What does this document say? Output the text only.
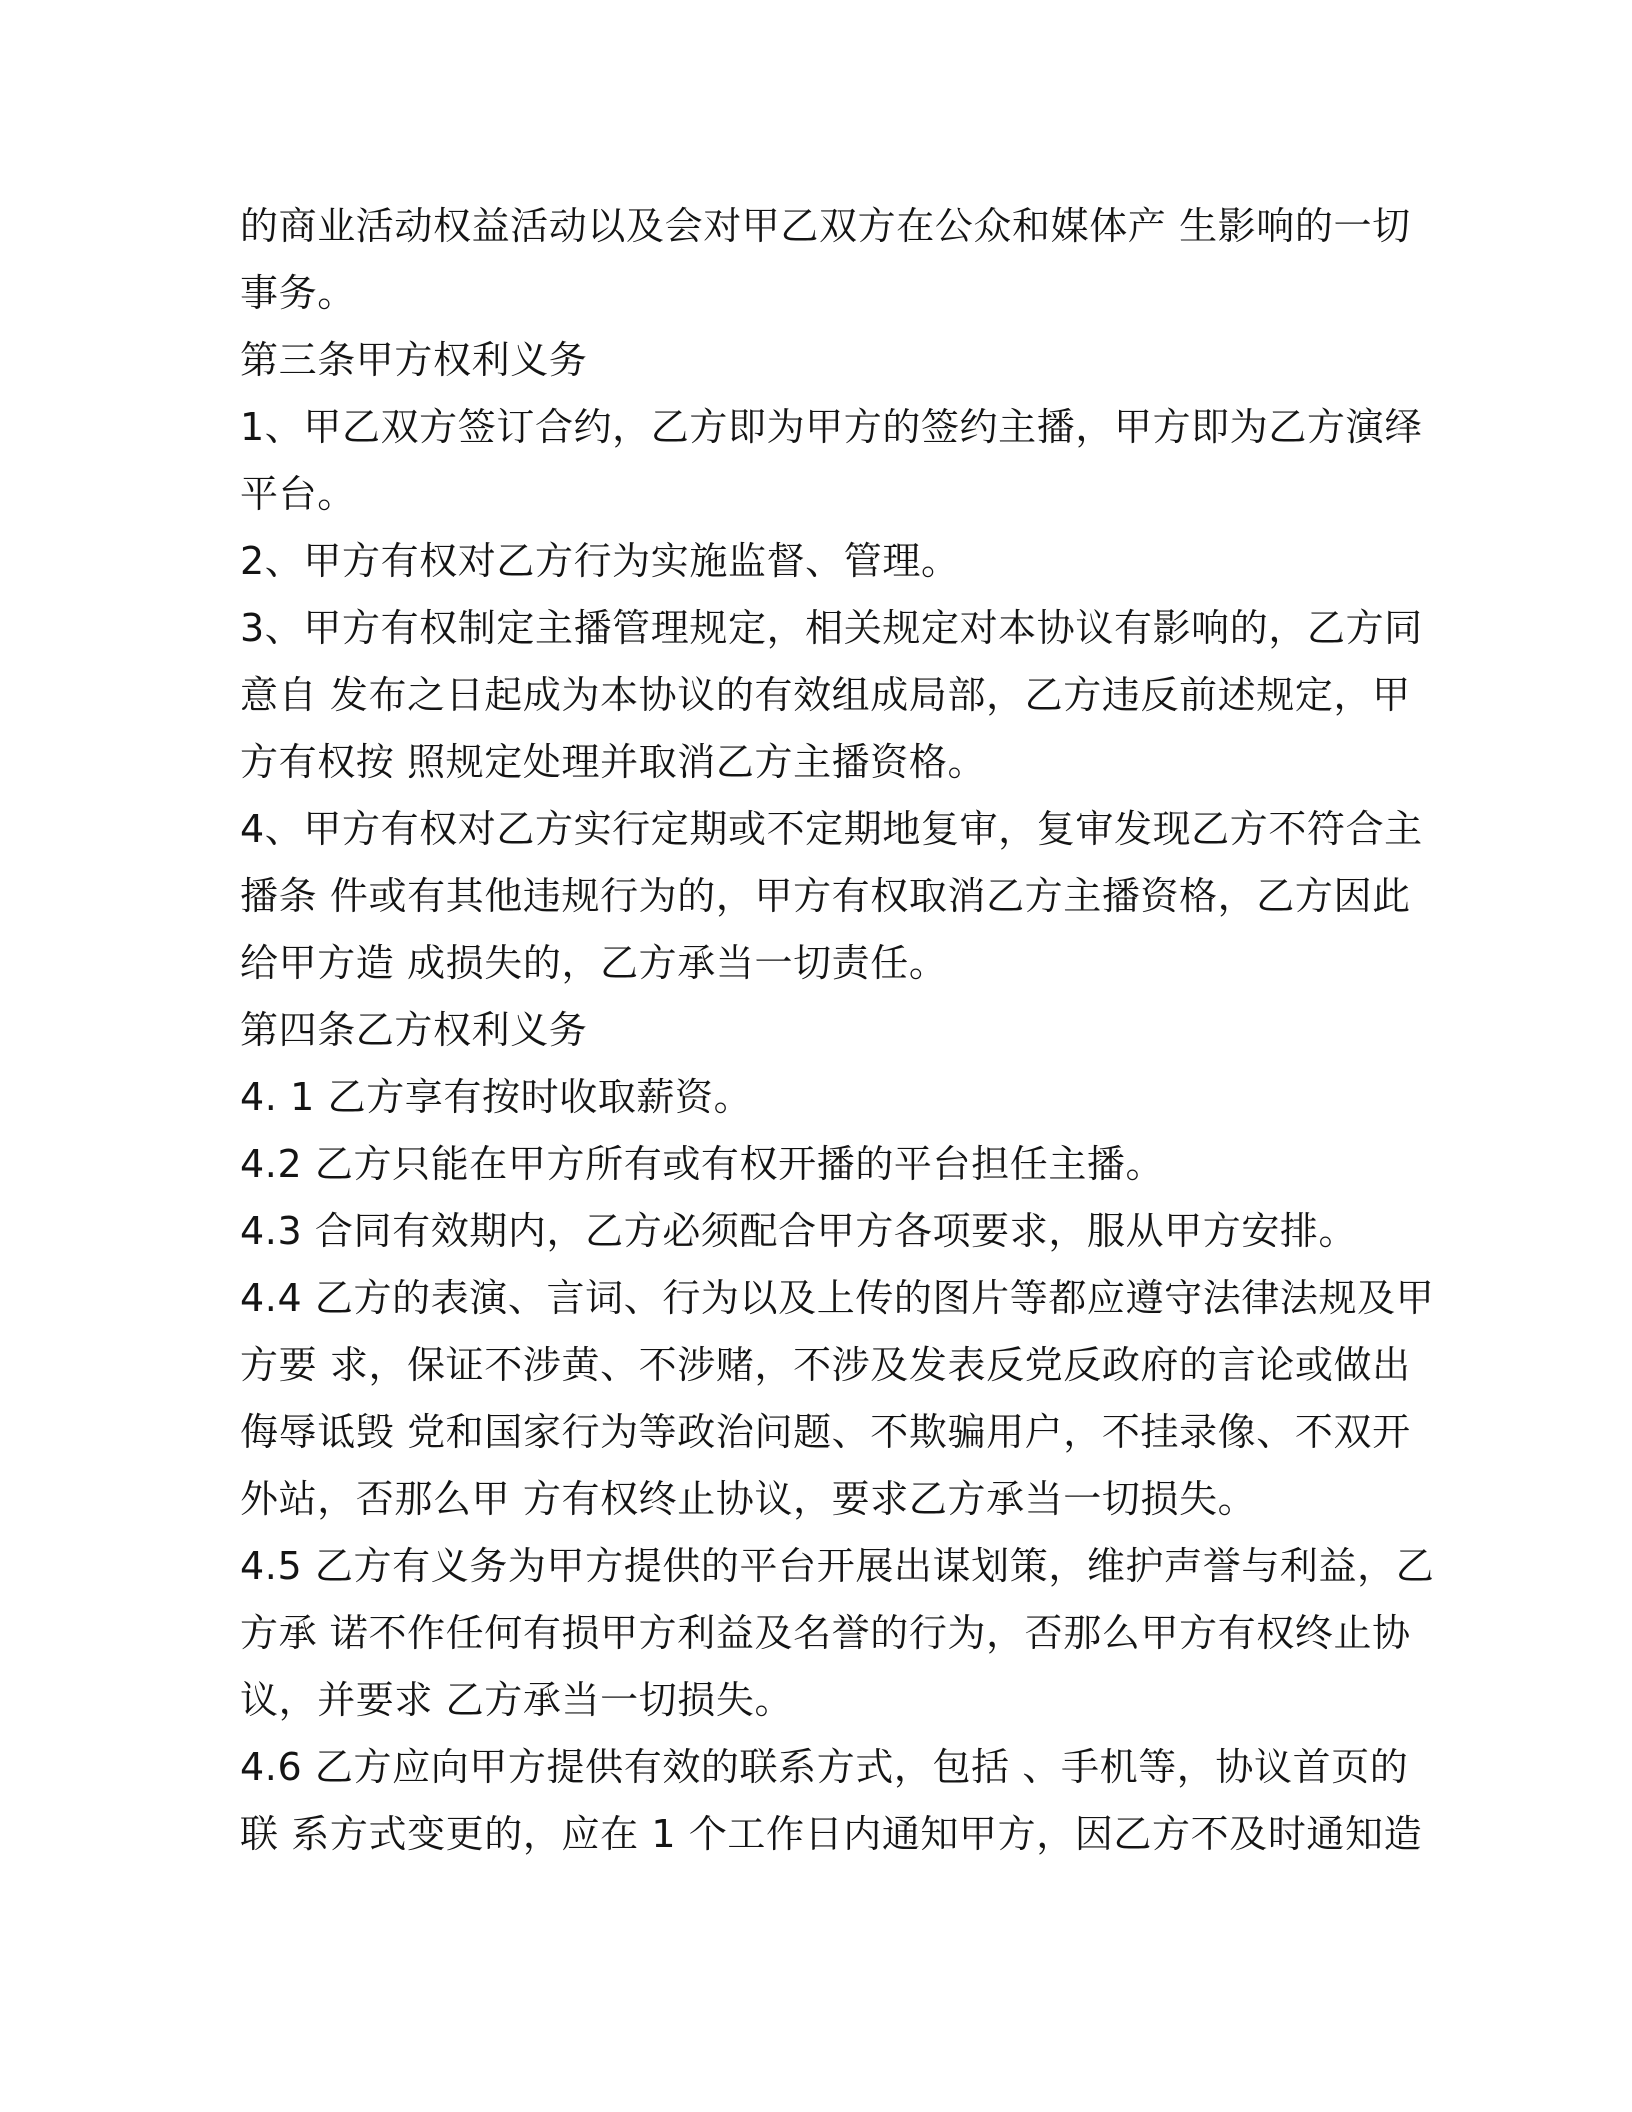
的商业活动权益活动以及会对甲乙双方在公众和媒体产 生影响的一切
事务。
第三条甲方权利义务
1、甲乙双方签订合约，乙方即为甲方的签约主播，甲方即为乙方演绎
平台。
2、甲方有权对乙方行为实施监督、管理。
3、甲方有权制定主播管理规定，相关规定对本协议有影响的，乙方同
意自 发布之日起成为本协议的有效组成局部，乙方违反前述规定，甲
方有权按 照规定处理并取消乙方主播资格。
4、甲方有权对乙方实行定期或不定期地复审，复审发现乙方不符合主
播条 件或有其他违规行为的，甲方有权取消乙方主播资格，乙方因此
给甲方造 成损失的，乙方承当一切责任。
第四条乙方权利义务
4. 1 乙方享有按时收取薪资。
4.2 乙方只能在甲方所有或有权开播的平台担任主播。
4.3 合同有效期内，乙方必须配合甲方各项要求，服从甲方安排。
4.4 乙方的表演、言词、行为以及上传的图片等都应遵守法律法规及甲
方要 求，保证不涉黄、不涉赌，不涉及发表反党反政府的言论或做出
侮辱诋毁 党和国家行为等政治问题、不欺骗用户，不挂录像、不双开
外站，否那么甲 方有权终止协议，要求乙方承当一切损失。
4.5 乙方有义务为甲方提供的平台开展出谋划策，维护声誉与利益，乙
方承 诺不作任何有损甲方利益及名誉的行为，否那么甲方有权终止协
议，并要求 乙方承当一切损失。
4.6 乙方应向甲方提供有效的联系方式，包括 、手机等，协议首页的
联 系方式变更的，应在 1 个工作日内通知甲方，因乙方不及时通知造
